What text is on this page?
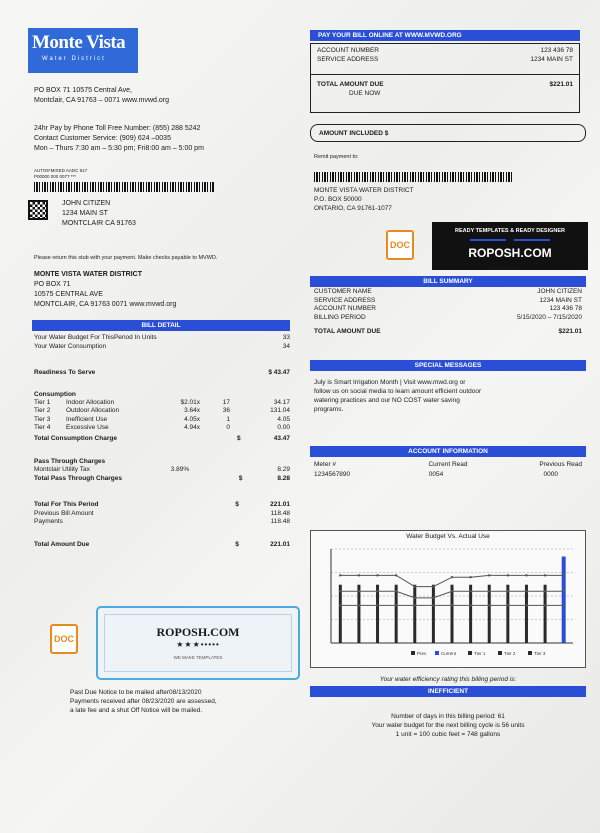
Monte Vista
Water District
PO BOX 71 10575 Central Ave,
Montclair, CA 91763 – 0071 www.mvwd.org
24hr Pay by Phone Toll Free Number: (855) 288 5242
Contact Customer Service: (909) 624 –0035
Mon – Thurs 7:30 am – 5:30 pm; Fri8:00 am – 5:00 pm
AUTO5*MIXED AADC 917
P00000 000 0077 ***
JOHN CITIZEN
1234 MAIN ST
MONTCLAIR CA 91763
Please return this stub with your payment. Make checks payable to MVWD.
MONTE VISTA WATER DISTRICT
PO BOX 71
10575 CENTRAL AVE
MONTCLAIR, CA 91763 0071 www.mvwd.org
BILL DETAIL
Your Water Budget For ThisPeriod In Units	33
Your Water Consumption	34
Readiness To Serve	$ 43.47
Consumption
Tier 1	Indoor Allocation	$2.01x	17	34.17
Tier 2	Outdoor Allocation	3.64x	36	131.04
Tier 3	Inefficient Use	4.05x	1	4.05
Tier 4	Excessive Use	4.94x	0	0.00
Total Consumption Charge	$	43.47
Pass Through Charges
Montclair Utility Tax	3.89%	8.29
Total Pass Through Charges	$	8.28
Total For This Period	$	221.01
Previous Bill Amount	118.48
Payments	118.48
Total Amount Due	$	221.01
DOC	ROPOSH.COM
★★★•••••
WE MAKE TEMPLATES
Past Due Notice to be mailed after08/13/2020
Payments received after 08/23/2020 are assessed,
a late fee and a shut Off Notice will be mailed.
PAY YOUR BILL ONLINE AT WWW.MVWD.ORG
ACCOUNT NUMBER	123 436 78
SERVICE ADDRESS	1234 MAIN ST
TOTAL AMOUNT DUE	$221.01
DUE NOW
AMOUNT INCLUDED $
Remit payment to:
MONTE VISTA WATER DISTRICT
P.O. BOX 50000
ONTARIO, CA 91761-1077
DOC
READY TEMPLATES & READY DESIGNER
ROPOSH.COM
BILL SUMMARY
CUSTOMER NAME	JOHN CITIZEN
SERVICE ADDRESS	1234 MAIN ST
ACCOUNT NUMBER	123 436 78
BILLING PERIOD	5/15/2020 – 7/15/2020
TOTAL AMOUNT DUE	$221.01
SPECIAL MESSAGES
July is Smart Irrigation Month | Visit www.mwd.org or
follow us on social media to learn amount efficient outdoor
watering practices and our NO COST water saving
programs.
ACCOUNT INFORMATION
Meter #	Current Read	Previous Read
1234567890	0054	0000
Water Budget Vs. Actual Use
Prev	Current	Tier 1	Tier 2	Tier 3
Your water efficiency rating this billing period is:
INEFFICIENT
Number of days in this billing period: 61
Your water budget for the next billing cycle is 56 units
1 unit = 100 cubic feet = 748 gallons
